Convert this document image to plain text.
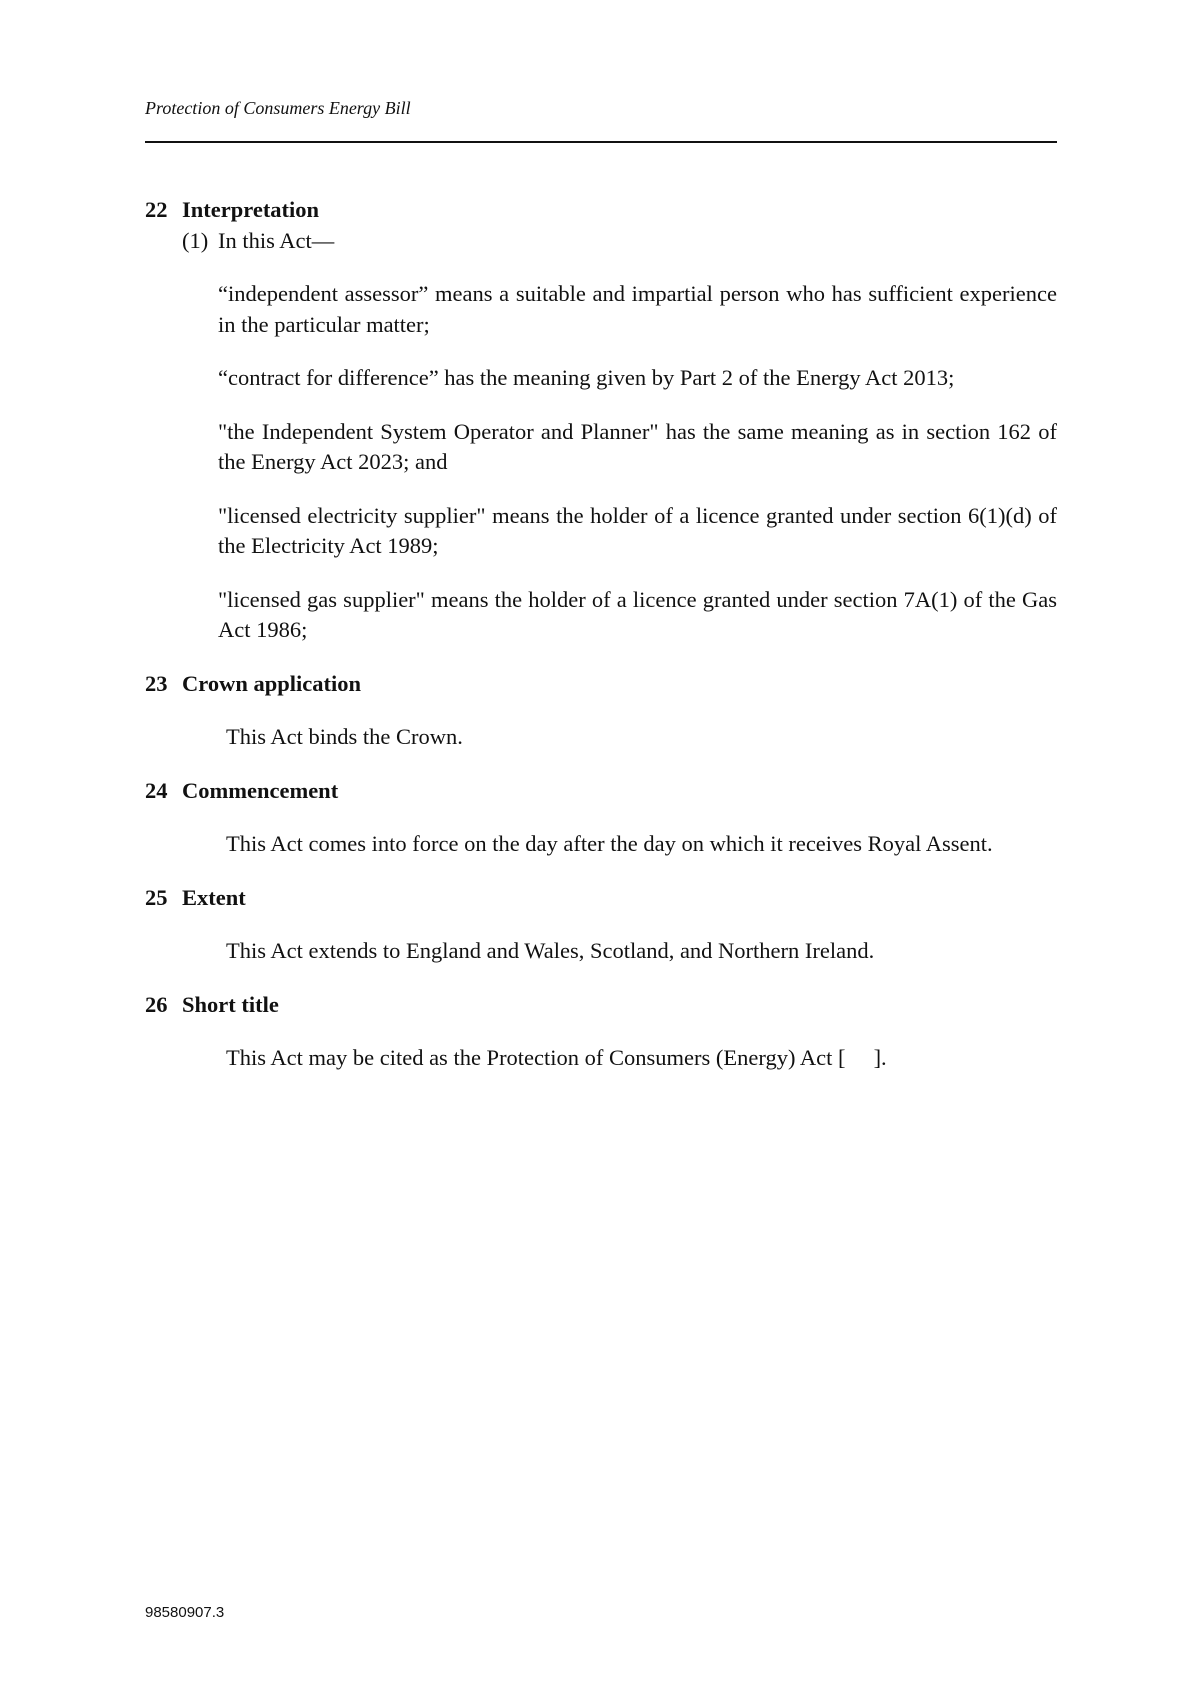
Protection of Consumers Energy Bill
22 Interpretation
(1) In this Act—
“independent assessor” means a suitable and impartial person who has sufficient experience in the particular matter;
“contract for difference” has the meaning given by Part 2 of the Energy Act 2013;
"the Independent System Operator and Planner" has the same meaning as in section 162 of the Energy Act 2023; and
"licensed electricity supplier" means the holder of a licence granted under section 6(1)(d) of the Electricity Act 1989;
"licensed gas supplier" means the holder of a licence granted under section 7A(1) of the Gas Act 1986;
23 Crown application
This Act binds the Crown.
24 Commencement
This Act comes into force on the day after the day on which it receives Royal Assent.
25 Extent
This Act extends to England and Wales, Scotland, and Northern Ireland.
26 Short title
This Act may be cited as the Protection of Consumers (Energy) Act [     ].
98580907.3
